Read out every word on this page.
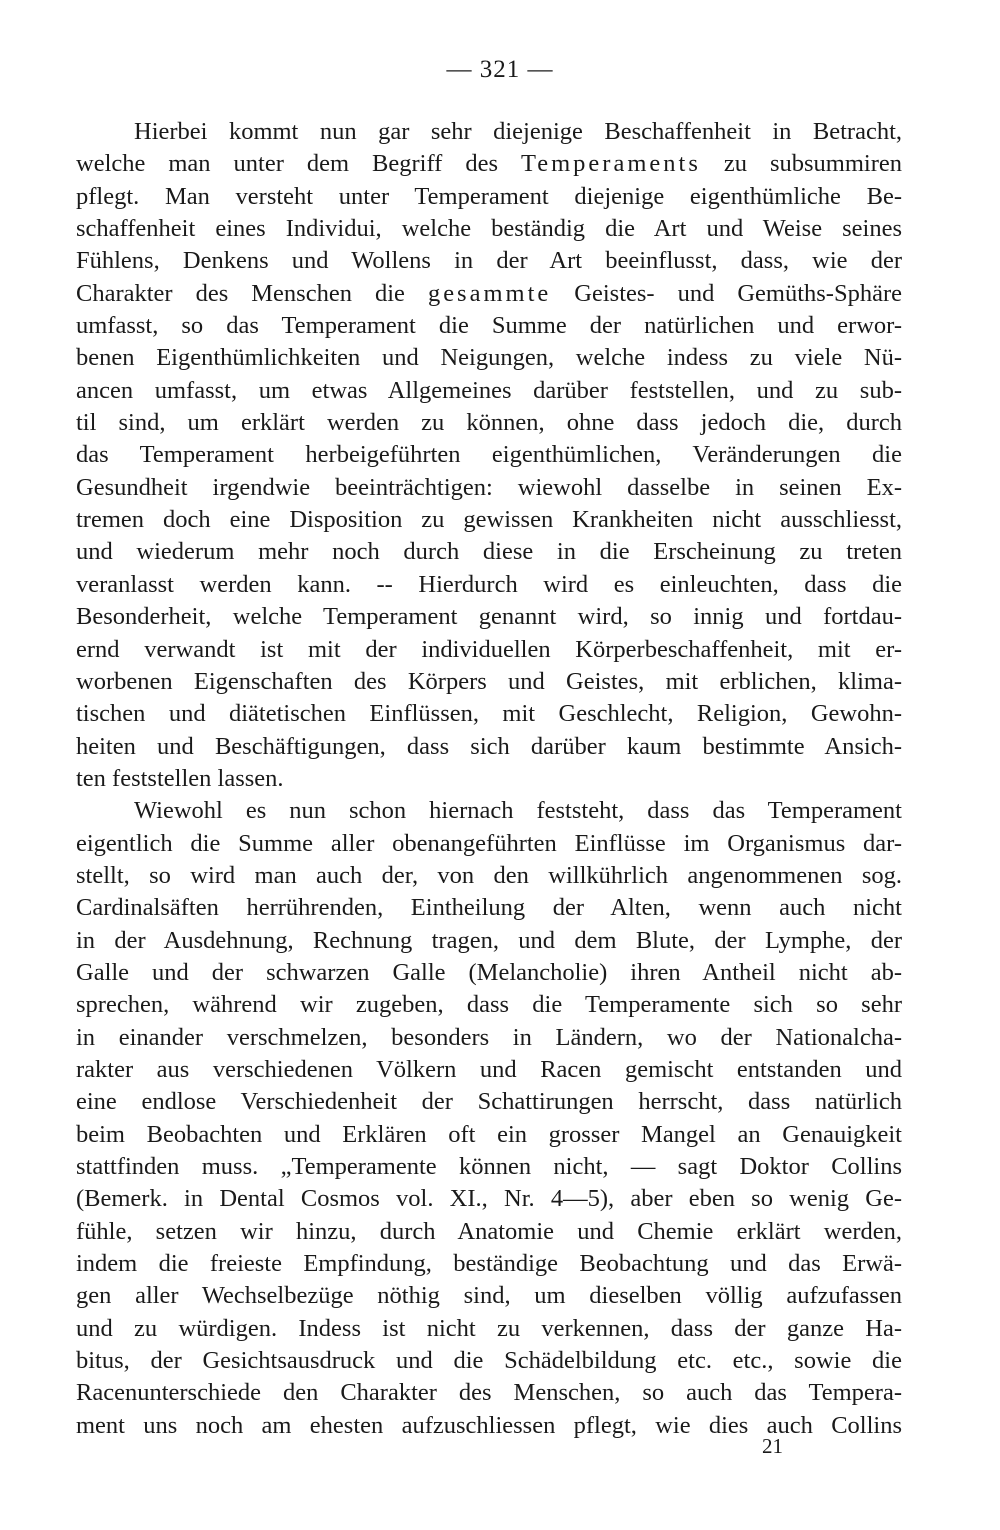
— 321 —
Hierbei kommt nun gar sehr diejenige Beschaffenheit in Betracht,
welche man unter dem Begriff des Temperaments zu subsummiren
pflegt. Man versteht unter Temperament diejenige eigenthümliche Be-
schaffenheit eines Individui, welche beständig die Art und Weise seines
Fühlens, Denkens und Wollens in der Art beeinflusst, dass, wie der
Charakter des Menschen die gesammte Geistes- und Gemüths-Sphäre
umfasst, so das Temperament die Summe der natürlichen und erwor-
benen Eigenthümlichkeiten und Neigungen, welche indess zu viele Nü-
ancen umfasst, um etwas Allgemeines darüber feststellen, und zu sub-
til sind, um erklärt werden zu können, ohne dass jedoch die, durch
das Temperament herbeigeführten eigenthümlichen, Veränderungen die
Gesundheit irgendwie beeinträchtigen: wiewohl dasselbe in seinen Ex-
tremen doch eine Disposition zu gewissen Krankheiten nicht ausschliesst,
und wiederum mehr noch durch diese in die Erscheinung zu treten
veranlasst werden kann. -- Hierdurch wird es einleuchten, dass die
Besonderheit, welche Temperament genannt wird, so innig und fortdau-
ernd verwandt ist mit der individuellen Körperbeschaffenheit, mit er-
worbenen Eigenschaften des Körpers und Geistes, mit erblichen, klima-
tischen und diätetischen Einflüssen, mit Geschlecht, Religion, Gewohn-
heiten und Beschäftigungen, dass sich darüber kaum bestimmte Ansich-
ten feststellen lassen.
Wiewohl es nun schon hiernach feststeht, dass das Temperament
eigentlich die Summe aller obenangeführten Einflüsse im Organismus dar-
stellt, so wird man auch der, von den willkührlich angenommenen sog.
Cardinalsäften herrührenden, Eintheilung der Alten, wenn auch nicht
in der Ausdehnung, Rechnung tragen, und dem Blute, der Lymphe, der
Galle und der schwarzen Galle (Melancholie) ihren Antheil nicht ab-
sprechen, während wir zugeben, dass die Temperamente sich so sehr
in einander verschmelzen, besonders in Ländern, wo der Nationalcha-
rakter aus verschiedenen Völkern und Racen gemischt entstanden und
eine endlose Verschiedenheit der Schattirungen herrscht, dass natürlich
beim Beobachten und Erklären oft ein grosser Mangel an Genauigkeit
stattfinden muss. „Temperamente können nicht, — sagt Doktor Collins
(Bemerk. in Dental Cosmos vol. XI., Nr. 4—5), aber eben so wenig Ge-
fühle, setzen wir hinzu, durch Anatomie und Chemie erklärt werden,
indem die freieste Empfindung, beständige Beobachtung und das Erwä-
gen aller Wechselbezüge nöthig sind, um dieselben völlig aufzufassen
und zu würdigen. Indess ist nicht zu verkennen, dass der ganze Ha-
bitus, der Gesichtsausdruck und die Schädelbildung etc. etc., sowie die
Racenunterschiede den Charakter des Menschen, so auch das Tempera-
ment uns noch am ehesten aufzuschliessen pflegt, wie dies auch Collins
21
